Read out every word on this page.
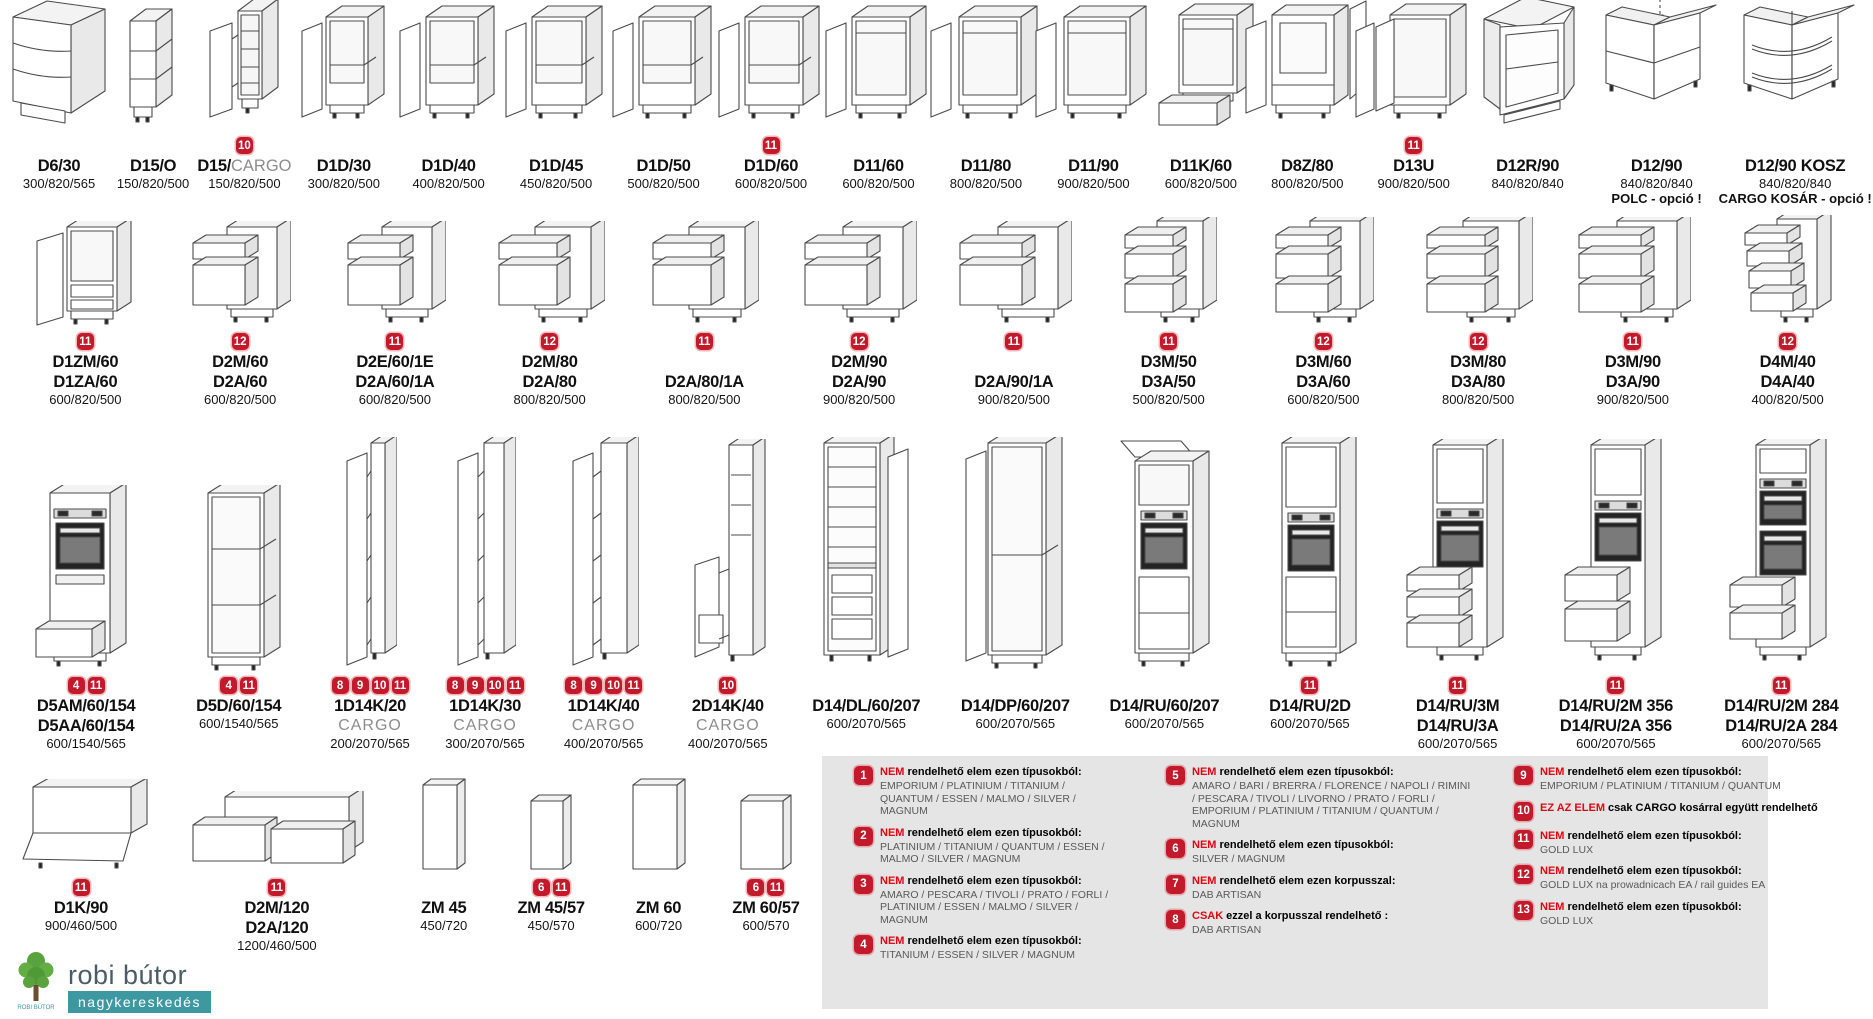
D6/30
300/820/565
D15/O
150/820/500
10
D15/CARGO
150/820/500
D1D/30
300/820/500
D1D/40
400/820/500
D1D/45
450/820/500
D1D/50
500/820/500
11
D1D/60
600/820/500
D11/60
600/820/500
D11/80
800/820/500
D11/90
900/820/500
D11K/60
600/820/500
D8Z/80
800/820/500
11
D13U
900/820/500
D12R/90
840/820/840
D12/90
840/820/840
POLC - opció !
D12/90 KOSZ
840/820/840
CARGO KOSÁR - opció !
11
D1ZM/60
D1ZA/60
600/820/500
12
D2M/60
D2A/60
600/820/500
11
D2E/60/1E
D2A/60/1A
600/820/500
12
D2M/80
D2A/80
800/820/500
11
D2A/80/1A
800/820/500
12
D2M/90
D2A/90
900/820/500
11
D2A/90/1A
900/820/500
11
D3M/50
D3A/50
500/820/500
12
D3M/60
D3A/60
600/820/500
12
D3M/80
D3A/80
800/820/500
11
D3M/90
D3A/90
900/820/500
12
D4M/40
D4A/40
400/820/500
4 11
D5AM/60/154
D5AA/60/154
600/1540/565
4 11
D5D/60/154
600/1540/565
8	9 10 11
1D14K/20
CARGO
200/2070/565
8	9 10 11
1D14K/30
CARGO
300/2070/565
8	9 10 11
1D14K/40
CARGO
400/2070/565
10
2D14K/40
CARGO
400/2070/565
D14/DL/60/207
600/2070/565
D14/DP/60/207
600/2070/565
D14/RU/60/207
600/2070/565
11
D14/RU/2D
600/2070/565
11
D14/RU/3M
D14/RU/3A
600/2070/565
11
D14/RU/2M 356
D14/RU/2A 356
600/2070/565
11
D14/RU/2M 284
D14/RU/2A 284
600/2070/565
11
D1K/90
900/460/500
11
D2M/120
D2A/120
1200/460/500
ZM 45
450/720
6 11
ZM 45/57
450/570
ZM 60
600/720
6 11
ZM 60/57
600/570
1	NEM rendelhető elem ezen típusokból:
EMPORIUM / PLATINIUM / TITANIUM / QUANTUM / ESSEN / MALMO / SILVER / MAGNUM
2	NEM rendelhető elem ezen típusokból:
PLATINIUM / TITANIUM / QUANTUM / ESSEN / MALMO / SILVER / MAGNUM
3	NEM rendelhető elem ezen típusokból:
AMARO / PESCARA / TIVOLI / PRATO / FORLI / PLATINIUM / ESSEN / MALMO / SILVER / MAGNUM
4	NEM rendelhető elem ezen típusokból:
TITANIUM / ESSEN / SILVER / MAGNUM
5	NEM rendelhető elem ezen típusokból:
AMARO / BARI / BRERRA / FLORENCE / NAPOLI / RIMINI / PESCARA / TIVOLI / LIVORNO / PRATO / FORLI / EMPORIUM / PLATINIUM / TITANIUM / QUANTUM / MAGNUM
6	NEM rendelhető elem ezen típusokból:
SILVER / MAGNUM
7	NEM rendelhető elem ezen korpusszal:
DAB ARTISAN
8	CSAK ezzel a korpusszal rendelhető :
DAB ARTISAN
9	NEM rendelhető elem ezen típusokból:
EMPORIUM / PLATINIUM / TITANIUM / QUANTUM
10 EZ AZ ELEM csak CARGO kosárral együtt rendelhető
11 NEM rendelhető elem ezen típusokból:
GOLD LUX
12 NEM rendelhető elem ezen típusokból:
GOLD LUX na prowadnicach EA / rail guides EA
13 NEM rendelhető elem ezen típusokból:
GOLD LUX
ROBI BÚTOR
robi bútor
nagykereskedés
